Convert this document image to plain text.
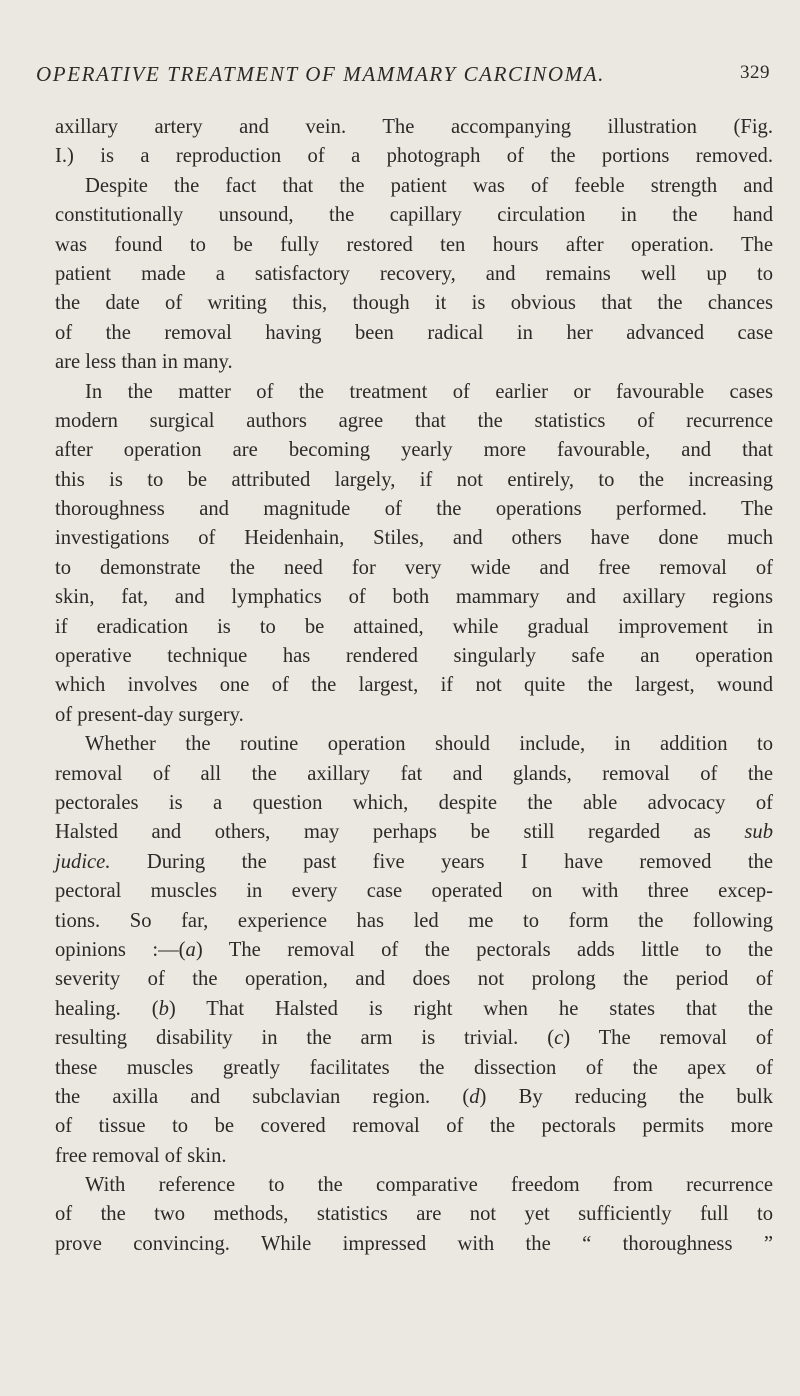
OPERATIVE TREATMENT OF MAMMARY CARCINOMA.	329
axillary artery and vein. The accompanying illustration (Fig.
I.) is a reproduction of a photograph of the portions removed.
Despite the fact that the patient was of feeble strength and
constitutionally unsound, the capillary circulation in the hand
was found to be fully restored ten hours after operation. The
patient made a satisfactory recovery, and remains well up to
the date of writing this, though it is obvious that the chances
of the removal having been radical in her advanced case
are less than in many.
In the matter of the treatment of earlier or favourable cases
modern surgical authors agree that the statistics of recurrence
after operation are becoming yearly more favourable, and that
this is to be attributed largely, if not entirely, to the increasing
thoroughness and magnitude of the operations performed. The
investigations of Heidenhain, Stiles, and others have done much
to demonstrate the need for very wide and free removal of
skin, fat, and lymphatics of both mammary and axillary regions
if eradication is to be attained, while gradual improvement in
operative technique has rendered singularly safe an operation
which involves one of the largest, if not quite the largest, wound
of present-day surgery.
Whether the routine operation should include, in addition to
removal of all the axillary fat and glands, removal of the
pectorales is a question which, despite the able advocacy of
Halsted and others, may perhaps be still regarded as sub
judice. During the past five years I have removed the
pectoral muscles in every case operated on with three excep-
tions. So far, experience has led me to form the following
opinions :—(a) The removal of the pectorals adds little to the
severity of the operation, and does not prolong the period of
healing. (b) That Halsted is right when he states that the
resulting disability in the arm is trivial. (c) The removal of
these muscles greatly facilitates the dissection of the apex of
the axilla and subclavian region. (d) By reducing the bulk
of tissue to be covered removal of the pectorals permits more
free removal of skin.
With reference to the comparative freedom from recurrence
of the two methods, statistics are not yet sufficiently full to
prove convincing. While impressed with the “ thoroughness ”
